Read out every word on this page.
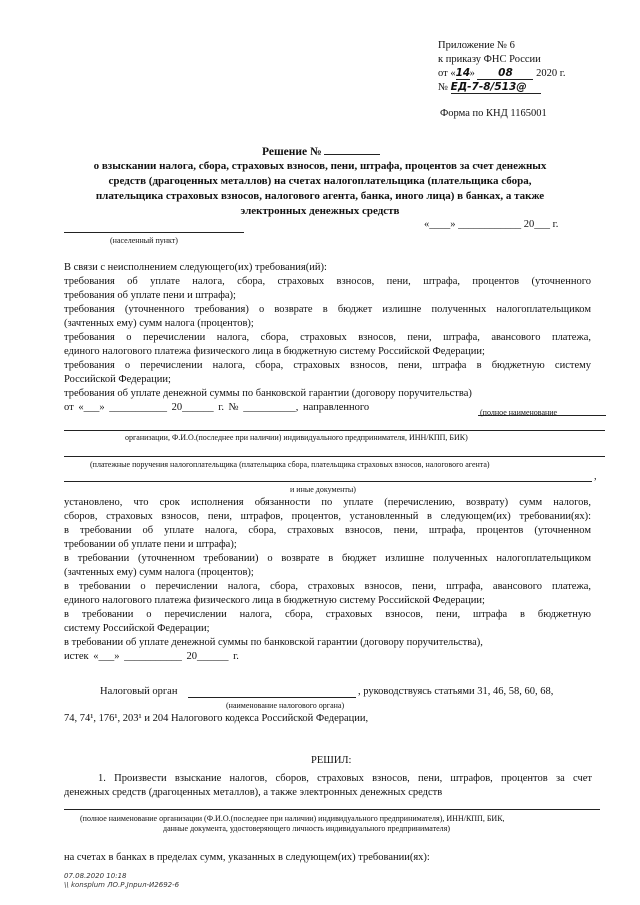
Приложение № 6
к приказу ФНС России
от «14» 08 2020 г.
№ ЕД-7-8/513@
Форма по КНД 1165001
Решение №
о взыскании налога, сбора, страховых взносов, пени, штрафа, процентов за счет денежных
средств (драгоценных металлов) на счетах налогоплательщика (плательщика сбора,
плательщика страховых взносов, налогового агента, банка, иного лица) в банках, а также
электронных денежных средств
(населенный пункт)
«____» ____________ 20___ г.
В связи с неисполнением следующего(их) требования(ий):
требования об уплате налога, сбора, страховых взносов, пени, штрафа, процентов (уточненного
требования об уплате пени и штрафа);
требования (уточненного требования) о возврате в бюджет излишне полученных налогоплательщиком
(зачтенных ему) сумм налога (процентов);
требования о перечислении налога, сбора, страховых взносов, пени, штрафа, авансового платежа,
единого налогового платежа физического лица в бюджетную систему Российской Федерации;
требования о перечислении налога, сбора, страховых взносов, пени, штрафа в бюджетную систему
Российской Федерации;
требования об уплате денежной суммы по банковской гарантии (договору поручительства)
от «___» ___________ 20______ г. № __________, направленного	(полное наименование
организации, Ф.И.О.(последнее при наличии) индивидуального предпринимателя, ИНН/КПП, БИК)
(платежные поручения налогоплательщика (плательщика сбора, плательщика страховых взносов, налогового агента)
,
и иные документы)
установлено, что срок исполнения обязанности по уплате (перечислению, возврату) сумм налогов,
сборов, страховых взносов, пени, штрафов, процентов, установленный в следующем(их) требовании(ях):
в требовании об уплате налога, сбора, страховых взносов, пени, штрафа, процентов (уточненном
требовании об уплате пени и штрафа);
в требовании (уточненном требовании) о возврате в бюджет излишне полученных налогоплательщиком
(зачтенных ему) сумм налога (процентов);
в требовании о перечислении налога, сбора, страховых взносов, пени, штрафа, авансового платежа,
единого налогового платежа физического лица в бюджетную систему Российской Федерации;
в требовании о перечислении налога, сбора, страховых взносов, пени, штрафа в бюджетную
систему Российской Федерации;
в требовании об уплате денежной суммы по банковской гарантии (договору поручительства),
истек «___» ___________ 20______ г.
Налоговый орган	, руководствуясь статьями 31, 46, 58, 60, 68,
(наименование налогового органа)
74, 74¹, 176¹, 203¹ и 204 Налогового кодекса Российской Федерации,
РЕШИЛ:
1. Произвести взыскание налогов, сборов, страховых взносов, пени, штрафов, процентов за счет
денежных средств (драгоценных металлов), а также электронных денежных средств
(полное наименование организации (Ф.И.О.(последнее при наличии) индивидуального предпринимателя), ИНН/КПП, БИК,
данные документа, удостоверяющего личность индивидуального предпринимателя)
на счетах в банках в пределах сумм, указанных в следующем(их) требовании(ях):
07.08.2020 10:18
\\ konsplum ЛО.Р.Jnpuл-И2692-6
